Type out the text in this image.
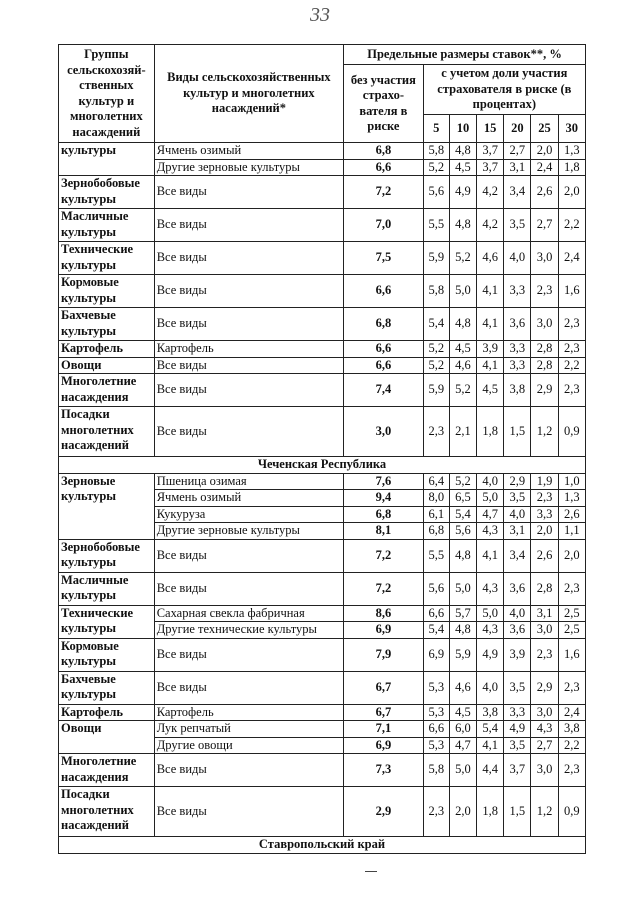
33
Группы сельскохозяй-ственных культур и многолетних насаждений	Виды сельскохозяйственных культур и многолетних насаждений*	Предельные размеры ставок**, %						
		без участия страхо-вателя в риске	с учетом доли участия страхователя в риске (в процентах)					
			5	10	15	20	25	30
культуры	Ячмень озимый	6,8	5,8	4,8	3,7	2,7	2,0	1,3
	Другие зерновые культуры	6,6	5,2	4,5	3,7	3,1	2,4	1,8
Зернобобовые культуры	Все виды	7,2	5,6	4,9	4,2	3,4	2,6	2,0
Масличные культуры	Все виды	7,0	5,5	4,8	4,2	3,5	2,7	2,2
Технические культуры	Все виды	7,5	5,9	5,2	4,6	4,0	3,0	2,4
Кормовые культуры	Все виды	6,6	5,8	5,0	4,1	3,3	2,3	1,6
Бахчевые культуры	Все виды	6,8	5,4	4,8	4,1	3,6	3,0	2,3
Картофель	Картофель	6,6	5,2	4,5	3,9	3,3	2,8	2,3
Овощи	Все виды	6,6	5,2	4,6	4,1	3,3	2,8	2,2
Многолетние насаждения	Все виды	7,4	5,9	5,2	4,5	3,8	2,9	2,3
Посадки многолетних насаждений	Все виды	3,0	2,3	2,1	1,8	1,5	1,2	0,9
Чеченская Республика								
Зерновые культуры	Пшеница озимая	7,6	6,4	5,2	4,0	2,9	1,9	1,0
	Ячмень озимый	9,4	8,0	6,5	5,0	3,5	2,3	1,3
	Кукуруза	6,8	6,1	5,4	4,7	4,0	3,3	2,6
	Другие зерновые культуры	8,1	6,8	5,6	4,3	3,1	2,0	1,1
Зернобобовые культуры	Все виды	7,2	5,5	4,8	4,1	3,4	2,6	2,0
Масличные культуры	Все виды	7,2	5,6	5,0	4,3	3,6	2,8	2,3
Технические культуры	Сахарная свекла фабричная	8,6	6,6	5,7	5,0	4,0	3,1	2,5
	Другие технические культуры	6,9	5,4	4,8	4,3	3,6	3,0	2,5
Кормовые культуры	Все виды	7,9	6,9	5,9	4,9	3,9	2,3	1,6
Бахчевые культуры	Все виды	6,7	5,3	4,6	4,0	3,5	2,9	2,3
Картофель	Картофель	6,7	5,3	4,5	3,8	3,3	3,0	2,4
Овощи	Лук репчатый	7,1	6,6	6,0	5,4	4,9	4,3	3,8
	Другие овощи	6,9	5,3	4,7	4,1	3,5	2,7	2,2
Многолетние насаждения	Все виды	7,3	5,8	5,0	4,4	3,7	3,0	2,3
Посадки многолетних насаждений	Все виды	2,9	2,3	2,0	1,8	1,5	1,2	0,9
Ставропольский край								
